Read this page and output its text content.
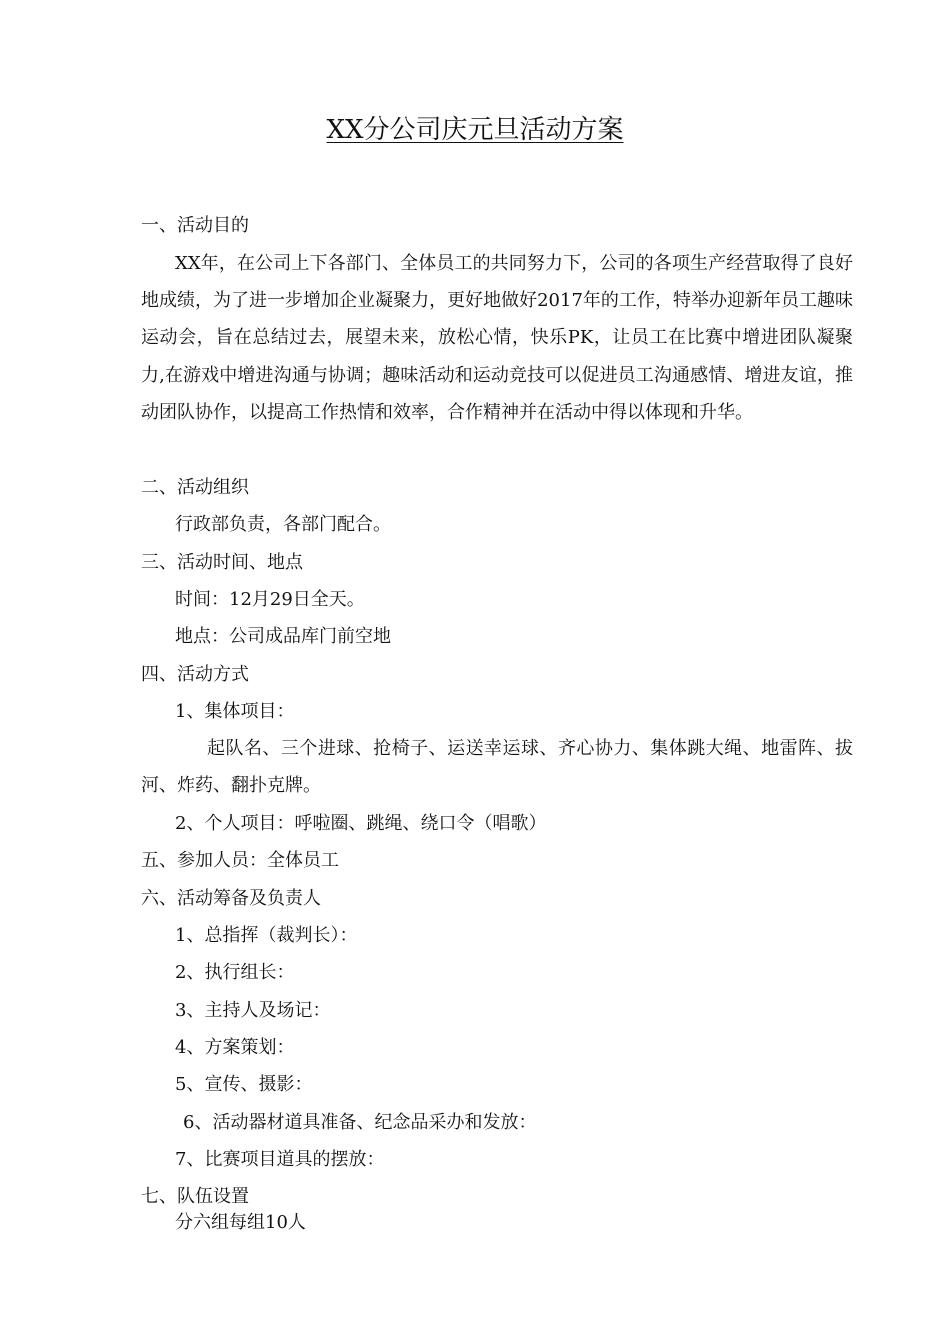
XX分公司庆元旦活动方案
一、活动目的

XX年，在公司上下各部门、全体员工的共同努力下，公司的各项生产经营取得了良好地成绩，为了进一步增加企业凝聚力，更好地做好2017年的工作，特举办迎新年员工趣味运动会，旨在总结过去，展望未来，放松心情，快乐PK，让员工在比赛中增进团队凝聚力,在游戏中增进沟通与协调；趣味活动和运动竞技可以促进员工沟通感情、增进友谊，推动团队协作，以提高工作热情和效率，合作精神并在活动中得以体现和升华。

二、活动组织
行政部负责，各部门配合。
三、活动时间、地点
时间：12月29日全天。
地点：公司成品库门前空地
四、活动方式
1、集体项目：

起队名、三个进球、抢椅子、运送幸运球、齐心协力、集体跳大绳、地雷阵、拔河、炸药、翻扑克牌。

2、个人项目：呼啦圈、跳绳、绕口令（唱歌）
五、参加人员：全体员工
六、活动筹备及负责人
1、总指挥（裁判长）：
2、执行组长：
3、主持人及场记：
4、方案策划：
5、宣传、摄影：
6、活动器材道具准备、纪念品采办和发放：
7、比赛项目道具的摆放：
七、队伍设置
分六组每组10人
